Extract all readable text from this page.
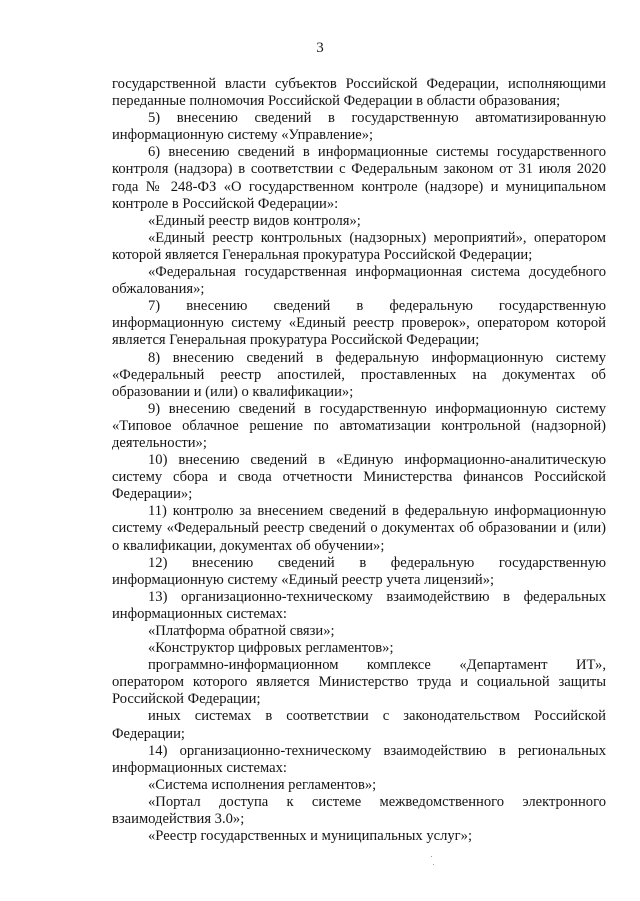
3

государственной власти субъектов Российской Федерации, исполняющими переданные полномочия Российской Федерации в области образования;

5) внесению сведений в государственную автоматизированную информационную систему «Управление»;

6) внесению сведений в информационные системы государственного контроля (надзора) в соответствии с Федеральным законом от 31 июля 2020 года № 248-ФЗ «О государственном контроле (надзоре) и муниципальном контроле в Российской Федерации»:

«Единый реестр видов контроля»;

«Единый реестр контрольных (надзорных) мероприятий», оператором которой является Генеральная прокуратура Российской Федерации;

«Федеральная государственная информационная система досудебного обжалования»;

7) внесению сведений в федеральную государственную информационную систему «Единый реестр проверок», оператором которой является Генеральная прокуратура Российской Федерации;

8) внесению сведений в федеральную информационную систему «Федеральный реестр апостилей, проставленных на документах об образовании и (или) о квалификации»;

9) внесению сведений в государственную информационную систему «Типовое облачное решение по автоматизации контрольной (надзорной) деятельности»;

10) внесению сведений в «Единую информационно-аналитическую систему сбора и свода отчетности Министерства финансов Российской Федерации»;

11) контролю за внесением сведений в федеральную информационную систему «Федеральный реестр сведений о документах об образовании и (или) о квалификации, документах об обучении»;

12) внесению сведений в федеральную государственную информационную систему «Единый реестр учета лицензий»;

13) организационно-техническому взаимодействию в федеральных информационных системах:

«Платформа обратной связи»;

«Конструктор цифровых регламентов»;

программно-информационном комплексе «Департамент ИТ», оператором которого является Министерство труда и социальной защиты Российской Федерации;

иных системах в соответствии с законодательством Российской Федерации;

14) организационно-техническому взаимодействию в региональных информационных системах:

«Система исполнения регламентов»;

«Портал доступа к системе межведомственного электронного взаимодействия 3.0»;

«Реестр государственных и муниципальных услуг»;
